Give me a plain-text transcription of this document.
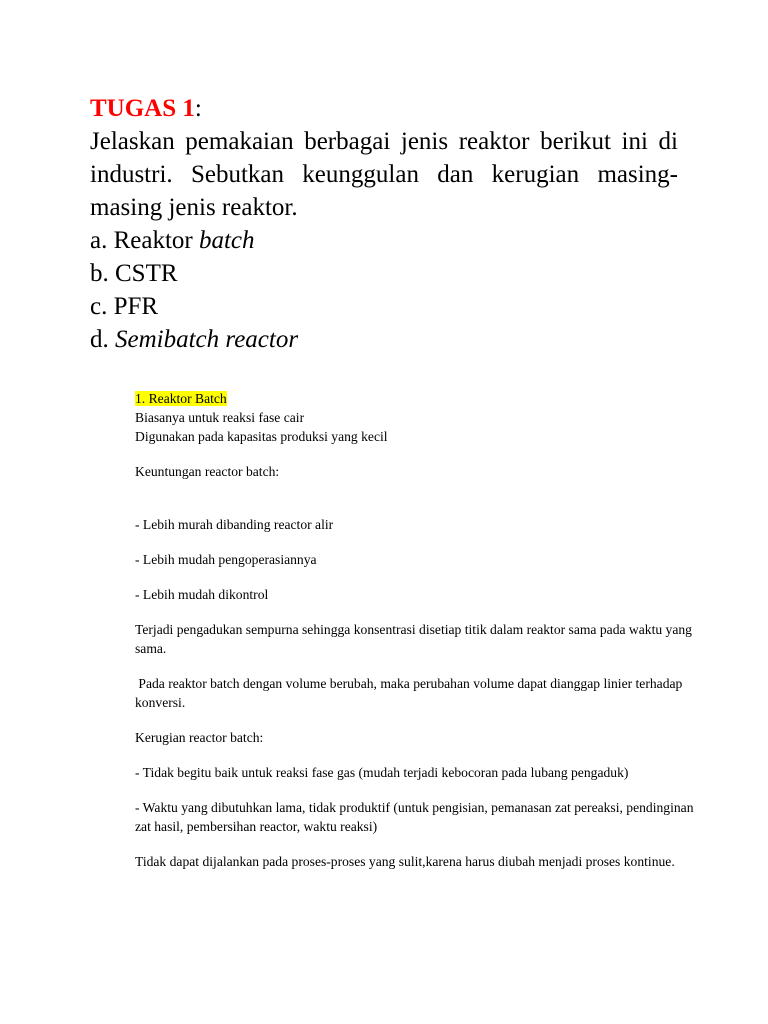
TUGAS 1:
Jelaskan pemakaian berbagai jenis reaktor berikut ini di industri. Sebutkan keunggulan dan kerugian masing-masing jenis reaktor.

a. Reaktor batch

b. CSTR

c. PFR

d. Semibatch reactor

1. Reaktor Batch

Biasanya untuk reaksi fase cair

Digunakan pada kapasitas produksi yang kecil

Keuntungan reactor batch:

- Lebih murah dibanding reactor alir

- Lebih mudah pengoperasiannya

- Lebih mudah dikontrol

Terjadi pengadukan sempurna sehingga konsentrasi disetiap titik dalam reaktor sama pada waktu yang sama.

Pada reaktor batch dengan volume berubah, maka perubahan volume dapat dianggap linier terhadap konversi.

Kerugian reactor batch:

- Tidak begitu baik untuk reaksi fase gas (mudah terjadi kebocoran pada lubang pengaduk)

- Waktu yang dibutuhkan lama, tidak produktif (untuk pengisian, pemanasan zat pereaksi, pendinginan zat hasil, pembersihan reactor, waktu reaksi)

Tidak dapat dijalankan pada proses-proses yang sulit,karena harus diubah menjadi proses kontinue.
